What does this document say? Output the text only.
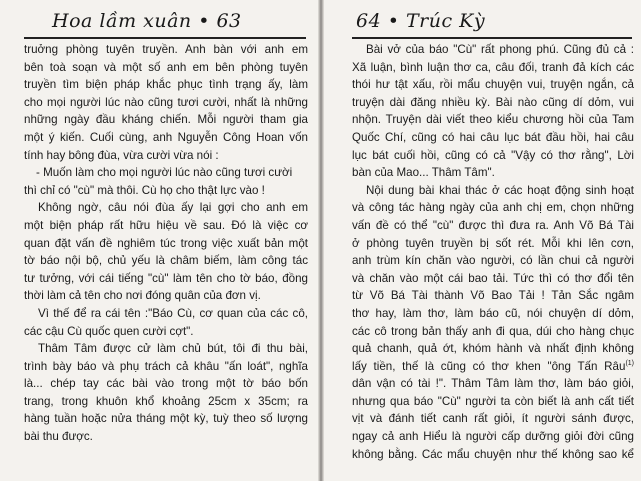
Hoa lầm xuân • 63
truởng phòng tuyên truyền. Anh bàn với anh em
bên toà soạn và một số anh em bên phòng tuyên
truyền tìm biện pháp khắc phục tình trạng ấy, làm
cho mọi người lúc nào cũng tươi cười, nhất là những
những ngày đầu kháng chiến. Mỗi người tham gia
một ý kiến. Cuối cùng, anh Nguyễn Công Hoan vốn
tính hay bông đùa, vừa cười vừa nói :
- Muốn làm cho mọi người lúc nào cũng tươi cười
thì chỉ có "cù" mà thôi. Cù họ cho thật lực vào !
Không ngờ, câu nói đùa ấy lại gợi cho anh em
một biện pháp rất hữu hiệu về sau. Đó là việc cơ
quan đặt vấn đề nghiêm túc trong việc xuất bản một
tờ báo nội bộ, chủ yếu là châm biếm, làm công tác
tư tưởng, với cái tiếng "cù" làm tên cho tờ báo, đồng
thời làm cả tên cho nơi đóng quân của đơn vị.
Vì thế để ra cái tên :"Báo Cù, cơ quan của các cô,
các cậu Cù quốc quen cười cợt".
Thâm Tâm được cử làm chủ bút, tôi đi thu bài,
trình bày báo và phụ trách cả khâu "ấn loát", nghĩa
là... chép tay các bài vào trong một tờ báo bốn
trang, trong khuôn khổ khoảng 25cm x 35cm; ra
hàng tuần hoặc nửa tháng một kỳ, tuỳ theo số lượng
bài thu được.
64 • Trúc Kỳ
Bài vở của báo "Cù" rất phong phú. Cũng đủ cả :
Xã luận, bình luận thơ ca, câu đối, tranh đả kích các
thói hư tật xấu, rồi mẩu chuyện vui, truyện ngắn, cả
truyện dài đăng nhiều kỳ. Bài nào cũng dí dỏm, vui
nhộn. Truyện dài viết theo kiểu chương hồi của Tam
Quốc Chí, cũng có hai câu lục bát đầu hồi, hai câu
lục bát cuối hồi, cũng có cả "Vậy có thơ rằng", Lời
bàn của Mao... Thâm Tâm".
Nội dung bài khai thác ở các hoạt động sinh hoạt
và công tác hàng ngày của anh chị em, chọn những
vấn đề có thể "cù" được thì đưa ra. Anh Võ Bá Tài
ở phòng tuyên truyền bị sốt rét. Mỗi khi lên cơn,
anh trùm kín chăn vào người, có lần chui cả người
và chăn vào một cái bao tải. Tức thì có thơ đổi tên
từ Võ Bá Tài thành Võ Bao Tải ! Tản Sắc ngâm
thơ hay, làm thơ, làm báo cũ, nói chuyện dí dỏm,
các cô trong bản thấy anh đi qua, dúi cho hàng chục
quả chanh, quả ớt, khóm hành và nhất định không
lấy tiền, thế là cũng có thơ khen "ông Tấn Râu$^{(1)}$
dân vận có tài !". Thâm Tâm làm thơ, làm báo giỏi,
nhưng qua báo "Cù" người ta còn biết là anh cất tiết
vịt và đánh tiết canh rất giỏi, ít người sánh được,
ngay cả anh Hiểu là người cấp dưỡng giỏi đời cũng
không bằng. Các mẩu chuyện như thế không sao kể
